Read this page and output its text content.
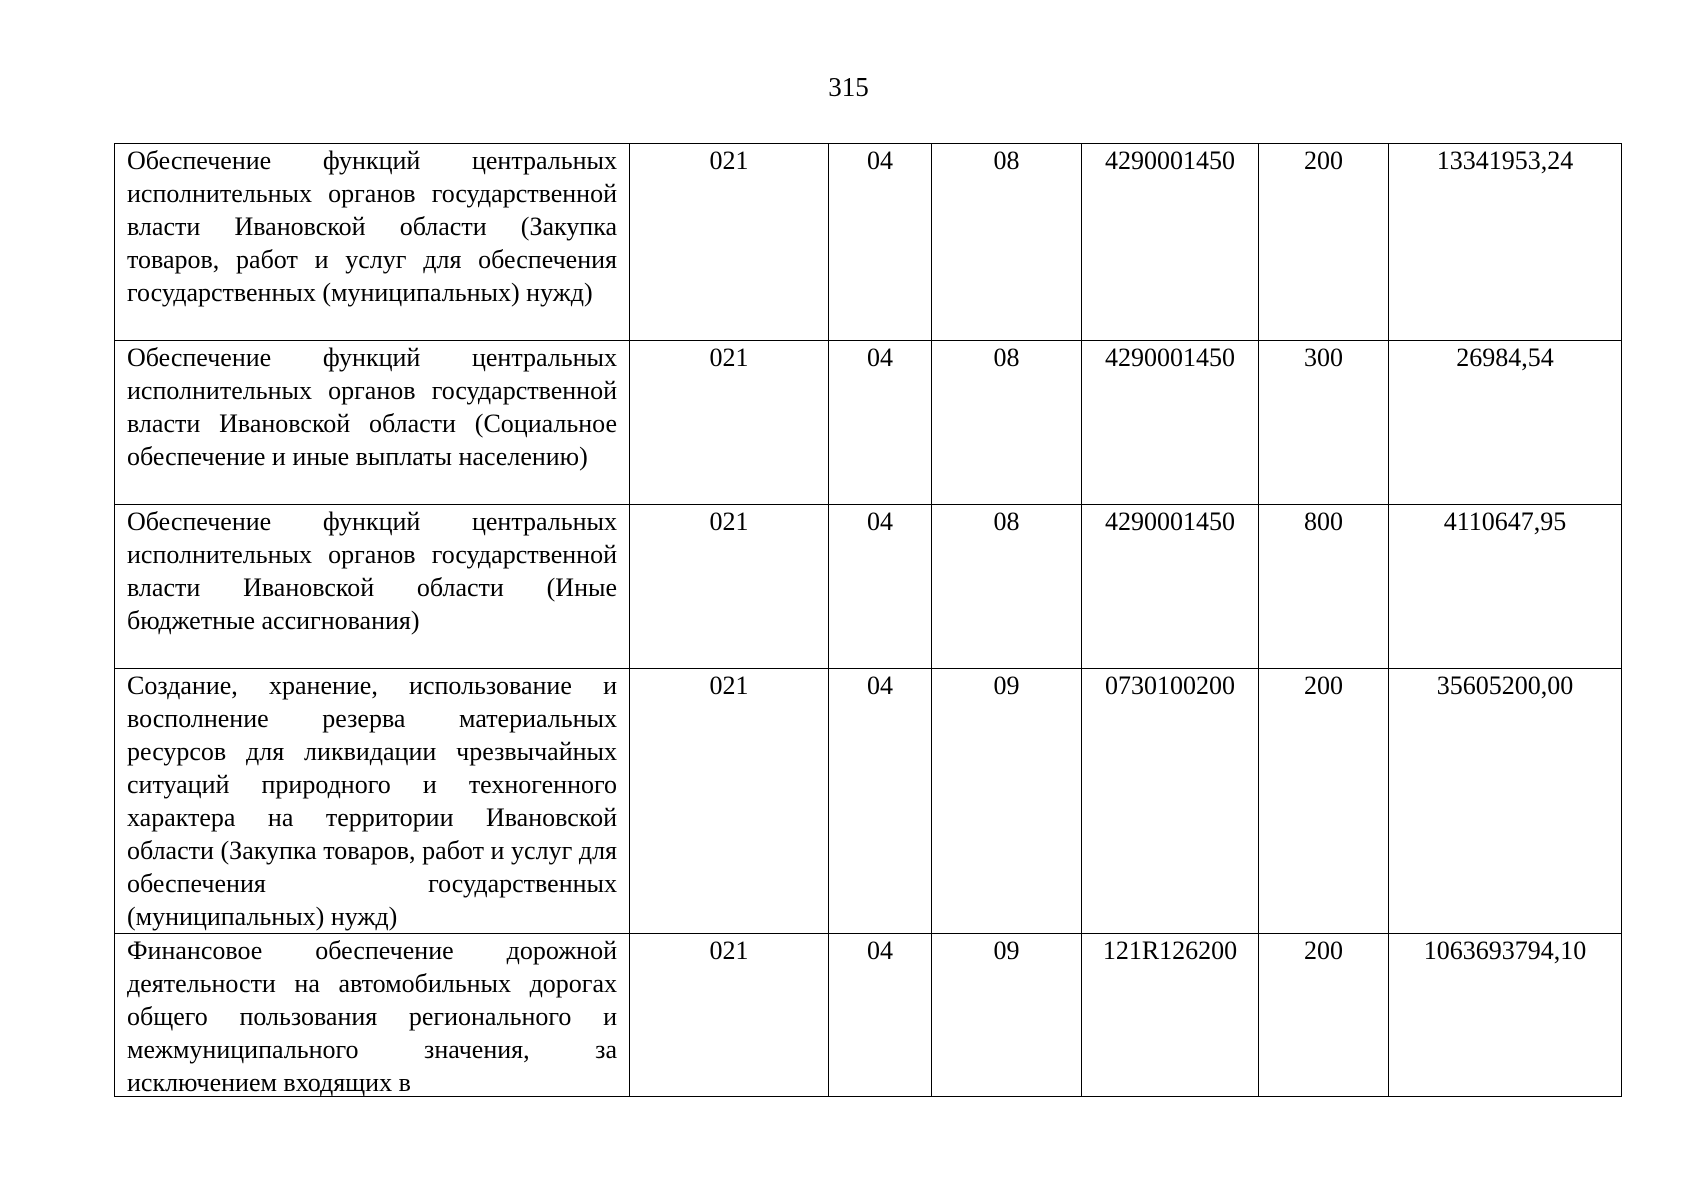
315
Обеспечение функций центральных исполнительных органов государственной власти Ивановской области (Закупка товаров, работ и услуг для обеспечения государственных (муниципальных) нужд)	021	04	08	4290001450	200	13341953,24
Обеспечение функций центральных исполнительных органов государственной власти Ивановской области (Социальное обеспечение и иные выплаты населению)	021	04	08	4290001450	300	26984,54
Обеспечение функций центральных исполнительных органов государственной власти Ивановской области (Иные бюджетные ассигнования)	021	04	08	4290001450	800	4110647,95
Создание, хранение, использование и восполнение резерва материальных ресурсов для ликвидации чрезвычайных ситуаций природного и техногенного характера на территории Ивановской области (Закупка товаров, работ и услуг для обеспечения государственных (муниципальных) нужд)	021	04	09	0730100200	200	35605200,00

Финансовое обеспечение дорожной деятельности на автомобильных дорогах общего пользования регионального и межмуниципального значения, за исключением входящих в	021	04	09	121R126200	200	1063693794,10
